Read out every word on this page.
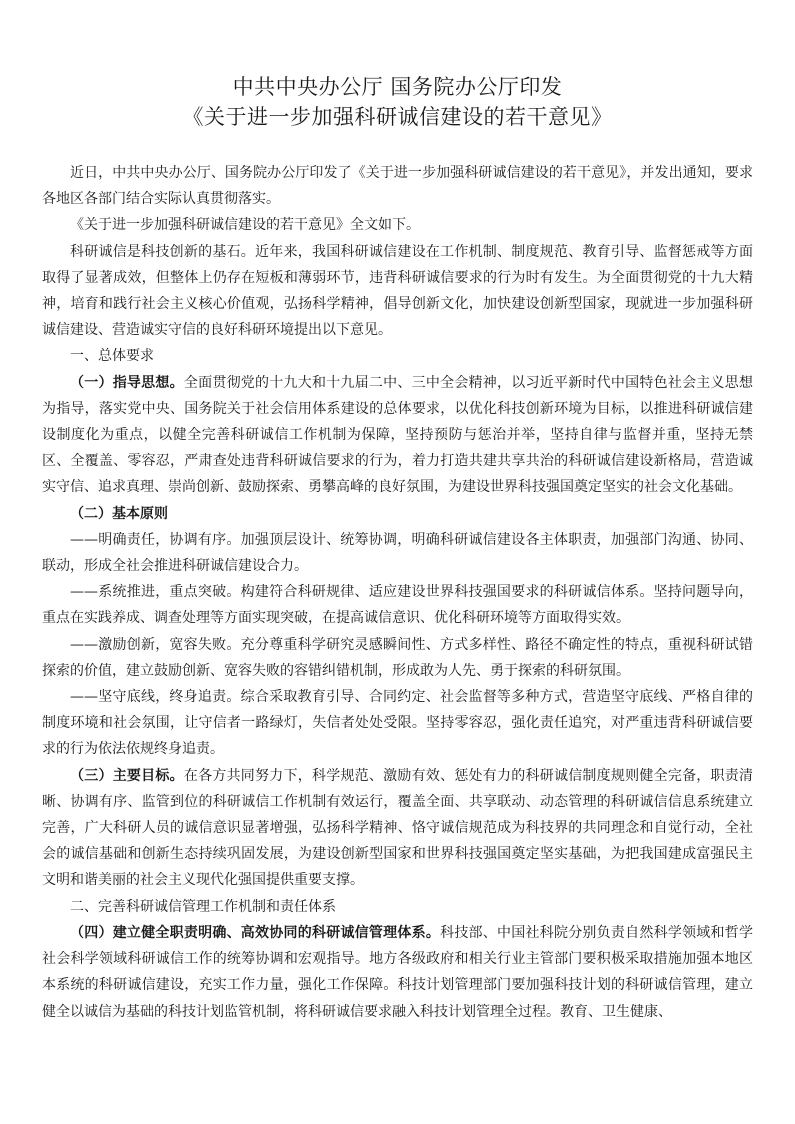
中共中央办公厅 国务院办公厅印发
《关于进一步加强科研诚信建设的若干意见》

近日，中共中央办公厅、国务院办公厅印发了《关于进一步加强科研诚信建设的若干意见》，并发出通知，要求各地区各部门结合实际认真贯彻落实。

《关于进一步加强科研诚信建设的若干意见》全文如下。

科研诚信是科技创新的基石。近年来，我国科研诚信建设在工作机制、制度规范、教育引导、监督惩戒等方面取得了显著成效，但整体上仍存在短板和薄弱环节，违背科研诚信要求的行为时有发生。为全面贯彻党的十九大精神，培育和践行社会主义核心价值观，弘扬科学精神，倡导创新文化，加快建设创新型国家，现就进一步加强科研诚信建设、营造诚实守信的良好科研环境提出以下意见。

一、总体要求

（一）指导思想。全面贯彻党的十九大和十九届二中、三中全会精神，以习近平新时代中国特色社会主义思想为指导，落实党中央、国务院关于社会信用体系建设的总体要求，以优化科技创新环境为目标，以推进科研诚信建设制度化为重点，以健全完善科研诚信工作机制为保障，坚持预防与惩治并举，坚持自律与监督并重，坚持无禁区、全覆盖、零容忍，严肃查处违背科研诚信要求的行为，着力打造共建共享共治的科研诚信建设新格局，营造诚实守信、追求真理、崇尚创新、鼓励探索、勇攀高峰的良好氛围，为建设世界科技强国奠定坚实的社会文化基础。

（二）基本原则

——明确责任，协调有序。加强顶层设计、统筹协调，明确科研诚信建设各主体职责，加强部门沟通、协同、联动，形成全社会推进科研诚信建设合力。

——系统推进，重点突破。构建符合科研规律、适应建设世界科技强国要求的科研诚信体系。坚持问题导向，重点在实践养成、调查处理等方面实现突破，在提高诚信意识、优化科研环境等方面取得实效。

——激励创新，宽容失败。充分尊重科学研究灵感瞬间性、方式多样性、路径不确定性的特点，重视科研试错探索的价值，建立鼓励创新、宽容失败的容错纠错机制，形成敢为人先、勇于探索的科研氛围。

——坚守底线，终身追责。综合采取教育引导、合同约定、社会监督等多种方式，营造坚守底线、严格自律的制度环境和社会氛围，让守信者一路绿灯，失信者处处受限。坚持零容忍，强化责任追究，对严重违背科研诚信要求的行为依法依规终身追责。

（三）主要目标。在各方共同努力下，科学规范、激励有效、惩处有力的科研诚信制度规则健全完备，职责清晰、协调有序、监管到位的科研诚信工作机制有效运行，覆盖全面、共享联动、动态管理的科研诚信信息系统建立完善，广大科研人员的诚信意识显著增强，弘扬科学精神、恪守诚信规范成为科技界的共同理念和自觉行动，全社会的诚信基础和创新生态持续巩固发展，为建设创新型国家和世界科技强国奠定坚实基础，为把我国建成富强民主文明和谐美丽的社会主义现代化强国提供重要支撑。

二、完善科研诚信管理工作机制和责任体系

（四）建立健全职责明确、高效协同的科研诚信管理体系。科技部、中国社科院分别负责自然科学领域和哲学社会科学领域科研诚信工作的统筹协调和宏观指导。地方各级政府和相关行业主管部门要积极采取措施加强本地区本系统的科研诚信建设，充实工作力量，强化工作保障。科技计划管理部门要加强科技计划的科研诚信管理，建立健全以诚信为基础的科技计划监管机制，将科研诚信要求融入科技计划管理全过程。教育、卫生健康、
